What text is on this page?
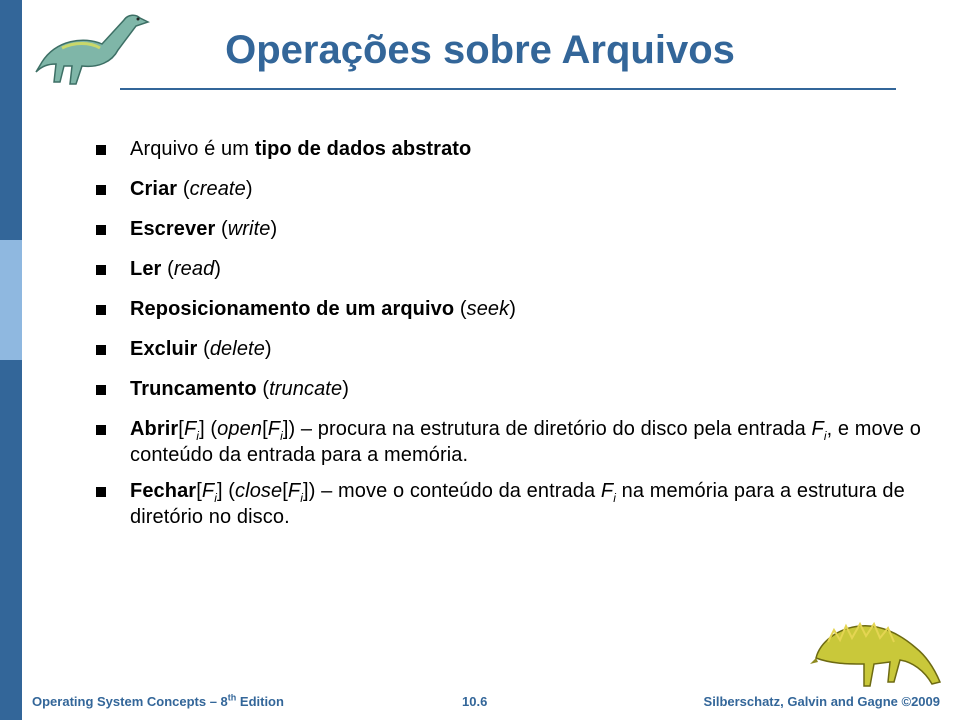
Operações sobre Arquivos
Arquivo é um tipo de dados abstrato
Criar (create)
Escrever (write)
Ler (read)
Reposicionamento de um arquivo (seek)
Excluir (delete)
Truncamento (truncate)
$Abrir[F_i]$ $(open[F_i])$ – procura na estrutura de diretório do disco pela entrada $F_i$, e move o conteúdo da entrada para a memória.
$Fechar[F_i]$ $(close[F_i])$ – move o conteúdo da entrada $F_i$ na memória para a estrutura de diretório no disco.
Operating System Concepts – 8th Edition	10.6	Silberschatz, Galvin and Gagne ©2009
